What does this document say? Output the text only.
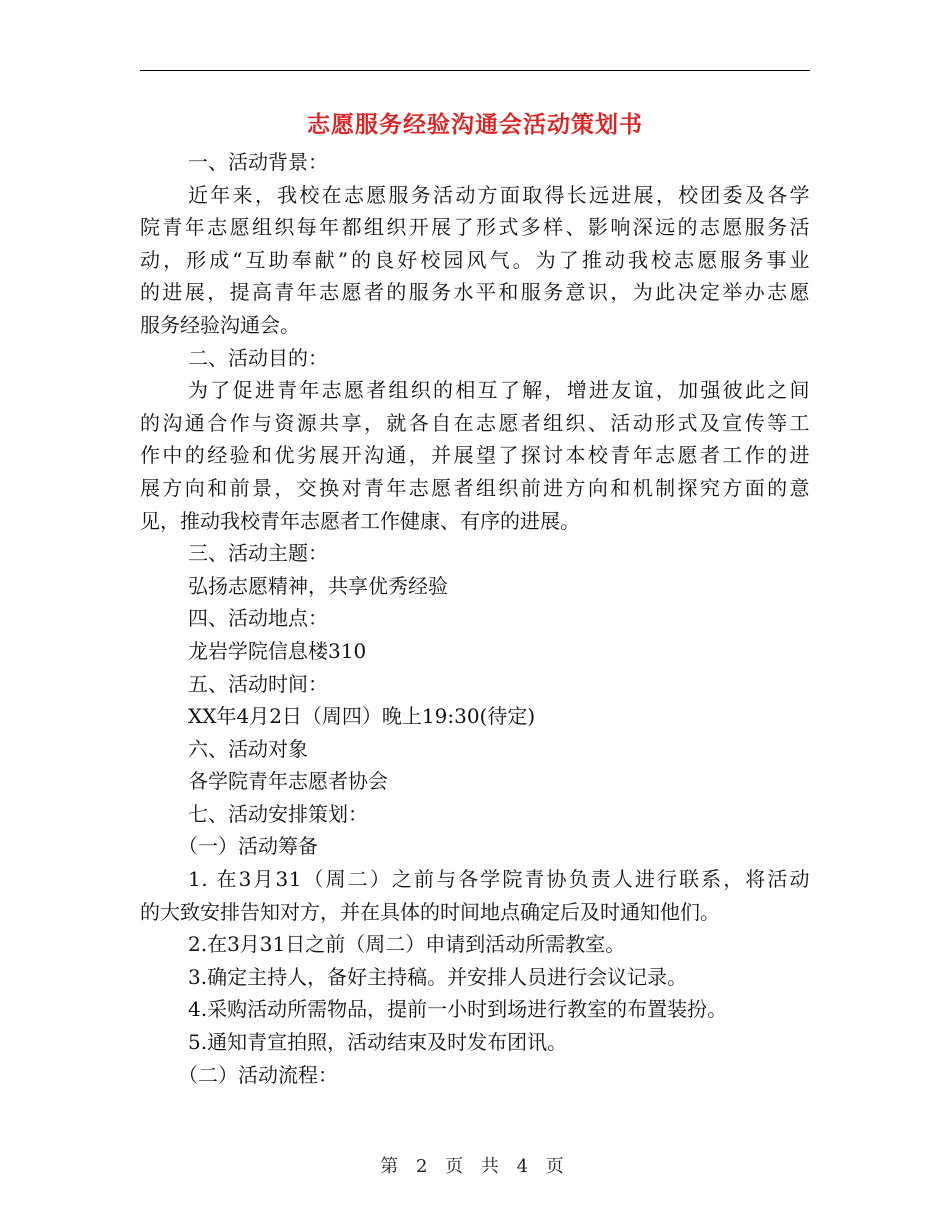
志愿服务经验沟通会活动策划书
一、活动背景：
近年来，我校在志愿服务活动方面取得长远进展，校团委及各学
院青年志愿组织每年都组织开展了形式多样、影响深远的志愿服务活
动，形成“互助奉献”的良好校园风气。为了推动我校志愿服务事业
的进展，提高青年志愿者的服务水平和服务意识，为此决定举办志愿
服务经验沟通会。
二、活动目的：
为了促进青年志愿者组织的相互了解，增进友谊，加强彼此之间
的沟通合作与资源共享，就各自在志愿者组织、活动形式及宣传等工
作中的经验和优劣展开沟通，并展望了探讨本校青年志愿者工作的进
展方向和前景，交换对青年志愿者组织前进方向和机制探究方面的意
见，推动我校青年志愿者工作健康、有序的进展。
三、活动主题：
弘扬志愿精神，共享优秀经验
四、活动地点：
龙岩学院信息楼310
五、活动时间：
XX年4月2日（周四）晚上19:30(待定)
六、活动对象
各学院青年志愿者协会
七、活动安排策划：
（一）活动筹备
1. 在3月31（周二）之前与各学院青协负责人进行联系，将活动
的大致安排告知对方，并在具体的时间地点确定后及时通知他们。
2.在3月31日之前（周二）申请到活动所需教室。
3.确定主持人，备好主持稿。并安排人员进行会议记录。
4.采购活动所需物品，提前一小时到场进行教室的布置装扮。
5.通知青宣拍照，活动结束及时发布团讯。
（二）活动流程：
第 2 页 共 4 页
